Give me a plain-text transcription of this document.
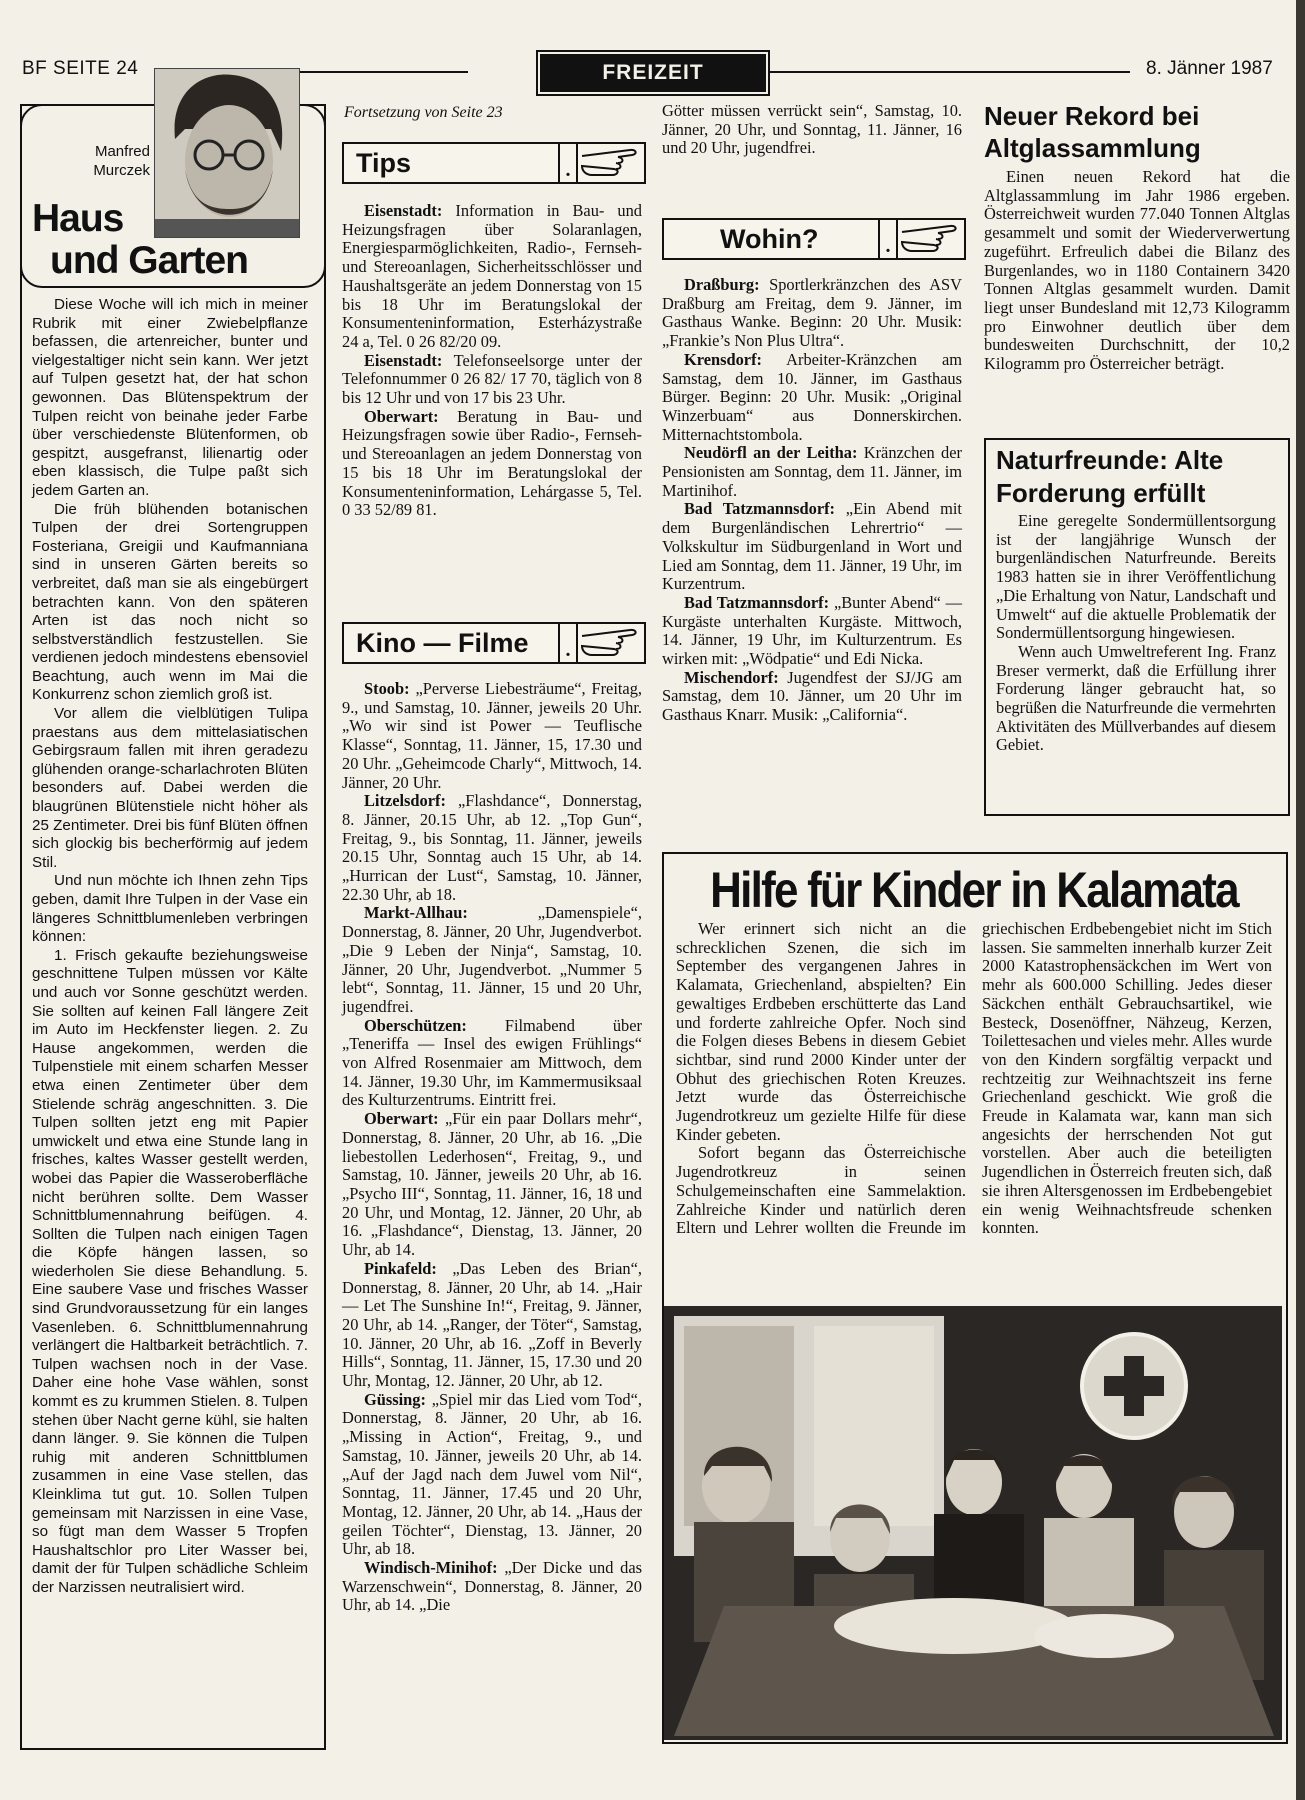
BF SEITE 24	FREIZEIT	8. Jänner 1987
Manfred
Murczek
Haus
und Garten

Diese Woche will ich mich in meiner Rubrik mit einer Zwiebelpflanze befassen, die artenreicher, bunter und vielgestaltiger nicht sein kann. Wer jetzt auf Tulpen gesetzt hat, der hat schon gewonnen. Das Blütenspektrum der Tulpen reicht von beinahe jeder Farbe über verschiedenste Blütenformen, ob gespitzt, ausgefranst, lilienartig oder eben klassisch, die Tulpe paßt sich jedem Garten an.

Die früh blühenden botanischen Tulpen der drei Sortengruppen Fosteriana, Greigii und Kaufmanniana sind in unseren Gärten bereits so verbreitet, daß man sie als eingebürgert betrachten kann. Von den späteren Arten ist das noch nicht so selbstverständlich festzustellen. Sie verdienen jedoch mindestens ebensoviel Beachtung, auch wenn im Mai die Konkurrenz schon ziemlich groß ist.

Vor allem die vielblütigen Tulipa praestans aus dem mittelasiatischen Gebirgsraum fallen mit ihren geradezu glühenden orange-scharlachroten Blüten besonders auf. Dabei werden die blaugrünen Blütenstiele nicht höher als 25 Zentimeter. Drei bis fünf Blüten öffnen sich glockig bis becherförmig auf jedem Stil.

Und nun möchte ich Ihnen zehn Tips geben, damit Ihre Tulpen in der Vase ein längeres Schnittblumenleben verbringen können:

1. Frisch gekaufte beziehungsweise geschnittene Tulpen müssen vor Kälte und auch vor Sonne geschützt werden. Sie sollten auf keinen Fall längere Zeit im Auto im Heckfenster liegen. 2. Zu Hause angekommen, werden die Tulpenstiele mit einem scharfen Messer etwa einen Zentimeter über dem Stielende schräg angeschnitten. 3. Die Tulpen sollten jetzt eng mit Papier umwickelt und etwa eine Stunde lang in frisches, kaltes Wasser gestellt werden, wobei das Papier die Wasseroberfläche nicht berühren sollte. Dem Wasser Schnittblumennahrung beifügen. 4. Sollten die Tulpen nach einigen Tagen die Köpfe hängen lassen, so wiederholen Sie diese Behandlung. 5. Eine saubere Vase und frisches Wasser sind Grundvoraussetzung für ein langes Vasenleben. 6. Schnittblumennahrung verlängert die Haltbarkeit beträchtlich. 7. Tulpen wachsen noch in der Vase. Daher eine hohe Vase wählen, sonst kommt es zu krummen Stielen. 8. Tulpen stehen über Nacht gerne kühl, sie halten dann länger. 9. Sie können die Tulpen ruhig mit anderen Schnittblumen zusammen in eine Vase stellen, das Kleinklima tut gut. 10. Sollen Tulpen gemeinsam mit Narzissen in eine Vase, so fügt man dem Wasser 5 Tropfen Haushaltschlor pro Liter Wasser bei, damit der für Tulpen schädliche Schleim der Narzissen neutralisiert wird.

Fortsetzung von Seite 23
Tips	.

Eisenstadt: Information in Bau- und Heizungsfragen über Solaranlagen, Energiesparmöglichkeiten, Radio-, Fernseh- und Stereoanlagen, Sicherheitsschlösser und Haushaltsgeräte an jedem Donnerstag von 15 bis 18 Uhr im Beratungslokal der Konsumenteninformation, Esterházystraße 24 a, Tel. 0 26 82/20 09.

Eisenstadt: Telefonseelsorge unter der Telefonnummer 0 26 82/ 17 70, täglich von 8 bis 12 Uhr und von 17 bis 23 Uhr.

Oberwart: Beratung in Bau- und Heizungsfragen sowie über Radio-, Fernseh- und Stereoanlagen an jedem Donnerstag von 15 bis 18 Uhr im Beratungslokal der Konsumenteninformation, Lehárgasse 5, Tel. 0 33 52/89 81.

Kino — Filme	.

Stoob: „Perverse Liebesträume“, Freitag, 9., und Samstag, 10. Jänner, jeweils 20 Uhr. „Wo wir sind ist Power — Teuflische Klasse“, Sonntag, 11. Jänner, 15, 17.30 und 20 Uhr. „Geheimcode Charly“, Mittwoch, 14. Jänner, 20 Uhr.

Litzelsdorf: „Flashdance“, Donnerstag, 8. Jänner, 20.15 Uhr, ab 12. „Top Gun“, Freitag, 9., bis Sonntag, 11. Jänner, jeweils 20.15 Uhr, Sonntag auch 15 Uhr, ab 14. „Hurrican der Lust“, Samstag, 10. Jänner, 22.30 Uhr, ab 18.

Markt-Allhau:	„Damenspiele“, Donnerstag, 8. Jänner, 20 Uhr, Jugendverbot. „Die 9 Leben der Ninja“, Samstag, 10. Jänner, 20 Uhr, Jugendverbot. „Nummer 5 lebt“, Sonntag, 11. Jänner, 15 und 20 Uhr, jugendfrei.

Oberschützen: Filmabend über „Teneriffa — Insel des ewigen Frühlings“ von Alfred Rosenmaier am Mittwoch, dem 14. Jänner, 19.30 Uhr, im Kammermusiksaal des Kulturzentrums. Eintritt frei.

Oberwart: „Für ein paar Dollars mehr“, Donnerstag, 8. Jänner, 20 Uhr, ab 16. „Die liebestollen Lederhosen“, Freitag, 9., und Samstag, 10. Jänner, jeweils 20 Uhr, ab 16. „Psycho III“, Sonntag, 11. Jänner, 16, 18 und 20 Uhr, und Montag, 12. Jänner, 20 Uhr, ab 16. „Flashdance“, Dienstag, 13. Jänner, 20 Uhr, ab 14.

Pinkafeld: „Das Leben des Brian“, Donnerstag, 8. Jänner, 20 Uhr, ab 14. „Hair — Let The Sunshine In!“, Freitag, 9. Jänner, 20 Uhr, ab 14. „Ranger, der Töter“, Samstag, 10. Jänner, 20 Uhr, ab 16. „Zoff in Beverly Hills“, Sonntag, 11. Jänner, 15, 17.30 und 20 Uhr, Montag, 12. Jänner, 20 Uhr, ab 12.

Güssing: „Spiel mir das Lied vom Tod“, Donnerstag, 8. Jänner, 20 Uhr, ab 16. „Missing in Action“, Freitag, 9., und Samstag, 10. Jänner, jeweils 20 Uhr, ab 14. „Auf der Jagd nach dem Juwel vom Nil“, Sonntag, 11. Jänner, 17.45 und 20 Uhr, Montag, 12. Jänner, 20 Uhr, ab 14. „Haus der geilen Töchter“, Dienstag, 13. Jänner, 20 Uhr, ab 18.

Windisch-Minihof: „Der Dicke und das Warzenschwein“, Donnerstag, 8. Jänner, 20 Uhr, ab 14. „Die

Götter müssen verrückt sein“, Samstag, 10. Jänner, 20 Uhr, und Sonntag, 11. Jänner, 16 und 20 Uhr, jugendfrei.
Wohin?	.

Draßburg: Sportlerkränzchen des ASV Draßburg am Freitag, dem 9. Jänner, im Gasthaus Wanke. Beginn: 20 Uhr. Musik: „Frankie’s Non Plus Ultra“.

Krensdorf: Arbeiter-Kränzchen am Samstag, dem 10. Jänner, im Gasthaus Bürger. Beginn: 20 Uhr. Musik: „Original Winzerbuam“ aus Donnerskirchen. Mitternachtstombola.

Neudörfl an der Leitha: Kränzchen der Pensionisten am Sonntag, dem 11. Jänner, im Martinihof.

Bad Tatzmannsdorf: „Ein Abend mit dem Burgenländischen Lehrertrio“ — Volkskultur im Südburgenland in Wort und Lied am Sonntag, dem 11. Jänner, 19 Uhr, im Kurzentrum.

Bad Tatzmannsdorf: „Bunter Abend“ — Kurgäste unterhalten Kurgäste. Mittwoch, 14. Jänner, 19 Uhr, im Kulturzentrum. Es wirken mit: „Wödpatie“ und Edi Nicka.

Mischendorf: Jugendfest der SJ/JG am Samstag, dem 10. Jänner, um 20 Uhr im Gasthaus Knarr. Musik: „California“.

Neuer Rekord bei Altglassammlung
Einen neuen Rekord hat die Altglassammlung im Jahr 1986 ergeben. Österreichweit wurden 77.040 Tonnen Altglas gesammelt und somit der Wiederverwertung zugeführt. Erfreulich dabei die Bilanz des Burgenlandes, wo in 1180 Containern 3420 Tonnen Altglas gesammelt wurden. Damit liegt unser Bundesland mit 12,73 Kilogramm pro Einwohner deutlich über dem bundesweiten Durchschnitt, der 10,2 Kilogramm pro Österreicher beträgt.
Naturfreunde: Alte Forderung erfüllt

Eine geregelte Sondermüllentsorgung ist der langjährige Wunsch der burgenländischen Naturfreunde. Bereits 1983 hatten sie in ihrer Veröffentlichung „Die Erhaltung von Natur, Landschaft und Umwelt“ auf die aktuelle Problematik der Sondermüllentsorgung hingewiesen.

Wenn auch Umweltreferent Ing. Franz Breser vermerkt, daß die Erfüllung ihrer Forderung länger gebraucht hat, so begrüßen die Naturfreunde die vermehrten Aktivitäten des Müllverbandes auf diesem Gebiet.

Hilfe für Kinder in Kalamata

Wer erinnert sich nicht an die schrecklichen Szenen, die sich im September des vergangenen Jahres in Kalamata, Griechenland, abspielten? Ein gewaltiges Erdbeben erschütterte das Land und forderte zahlreiche Opfer. Noch sind die Folgen dieses Bebens in diesem Gebiet sichtbar, sind rund 2000 Kinder unter der Obhut des griechischen Roten Kreuzes. Jetzt wurde das Österreichische Jugendrotkreuz um gezielte Hilfe für diese Kinder gebeten.

Sofort begann das Österreichische Jugendrotkreuz in seinen Schulgemeinschaften eine Sammelaktion. Zahlreiche Kinder und natürlich deren Eltern und Lehrer wollten die Freunde im griechischen Erdbebengebiet nicht im Stich lassen. Sie sammelten innerhalb kurzer Zeit 2000 Katastrophensäckchen im Wert von mehr als 600.000 Schilling. Jedes dieser Säckchen enthält Gebrauchsartikel, wie Besteck, Dosenöffner, Nähzeug, Kerzen, Toilettesachen und vieles mehr. Alles wurde von den Kindern sorgfältig verpackt und rechtzeitig zur Weihnachtszeit ins ferne Griechenland geschickt. Wie groß die Freude in Kalamata war, kann man sich angesichts der herrschenden Not gut vorstellen. Aber auch die beteiligten Jugendlichen in Österreich freuten sich, daß sie ihren Altersgenossen im Erdbebengebiet ein wenig Weihnachtsfreude schenken konnten.
